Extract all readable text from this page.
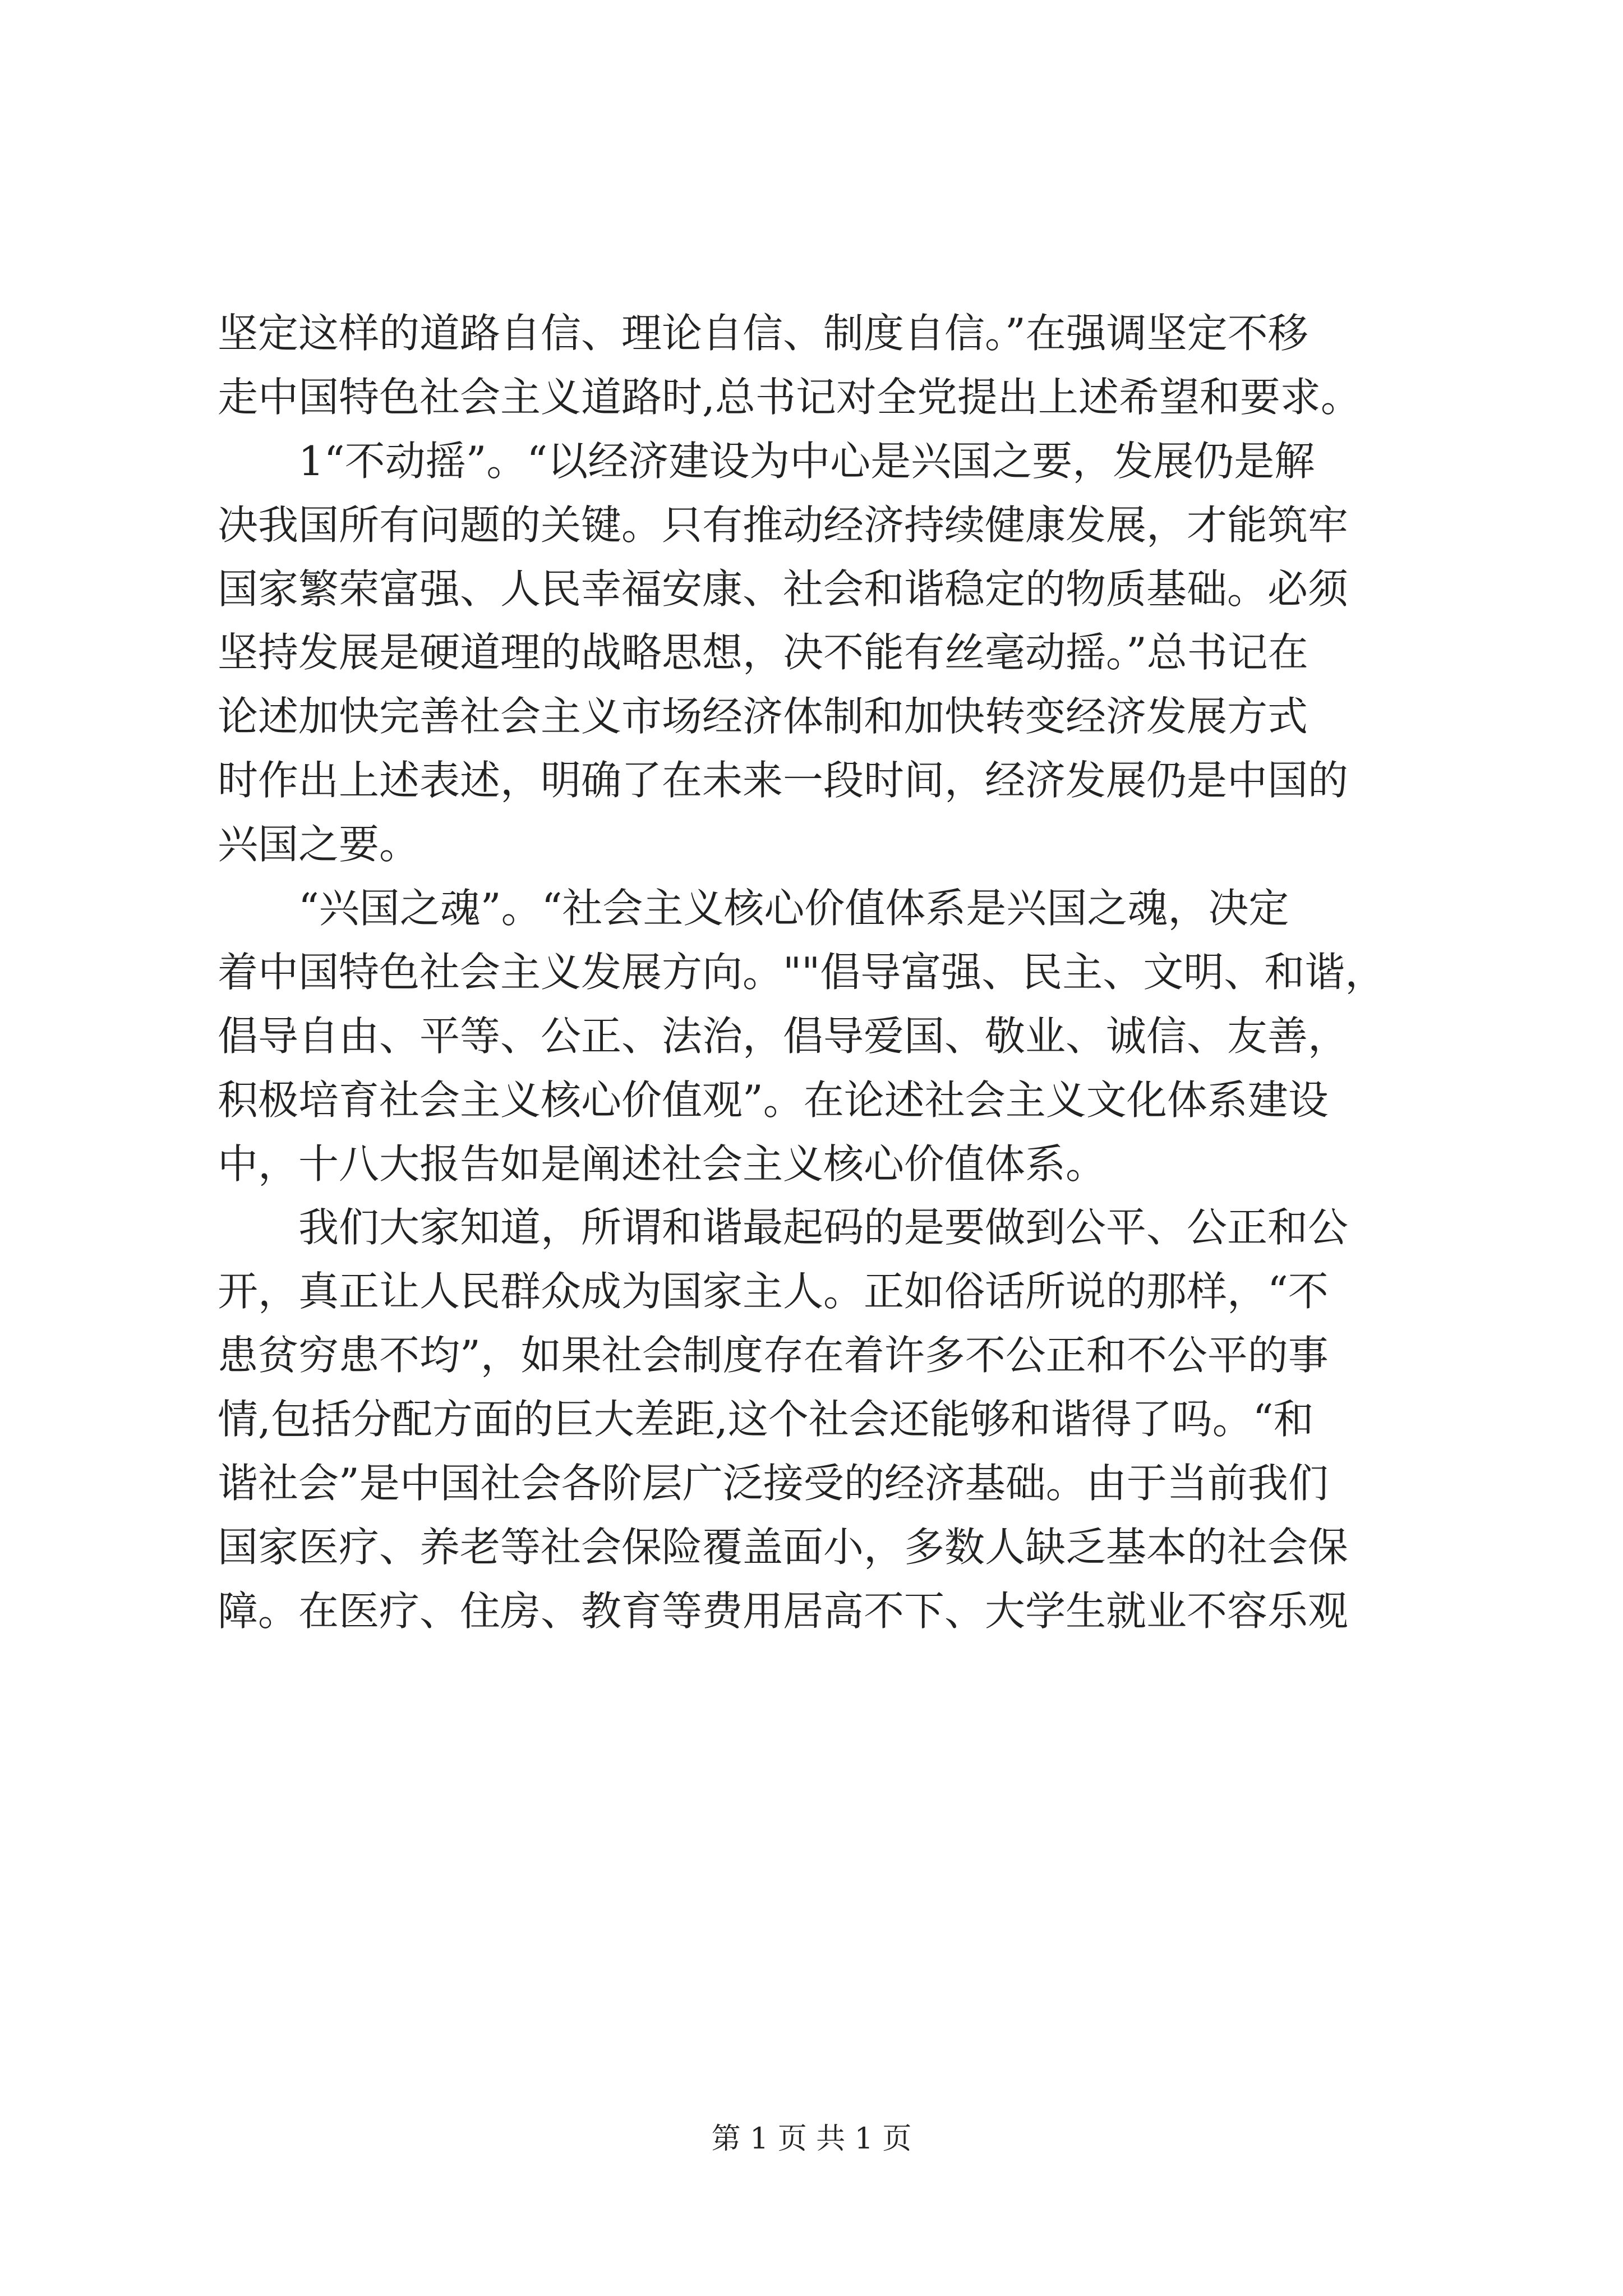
坚定这样的道路自信、理论自信、制度自信。”在强调坚定不移
走中国特色社会主义道路时,总书记对全党提出上述希望和要求。

　　1“不动摇”。“以经济建设为中心是兴国之要，发展仍是解
决我国所有问题的关键。只有推动经济持续健康发展，才能筑牢
国家繁荣富强、人民幸福安康、社会和谐稳定的物质基础。必须
坚持发展是硬道理的战略思想，决不能有丝毫动摇。”总书记在
论述加快完善社会主义市场经济体制和加快转变经济发展方式
时作出上述表述，明确了在未来一段时间，经济发展仍是中国的
兴国之要。

　　“兴国之魂”。“社会主义核心价值体系是兴国之魂，决定
着中国特色社会主义发展方向。""倡导富强、民主、文明、和谐，
倡导自由、平等、公正、法治，倡导爱国、敬业、诚信、友善，
积极培育社会主义核心价值观”。在论述社会主义文化体系建设
中，十八大报告如是阐述社会主义核心价值体系。

　　我们大家知道，所谓和谐最起码的是要做到公平、公正和公
开，真正让人民群众成为国家主人。正如俗话所说的那样，“不
患贫穷患不均”，如果社会制度存在着许多不公正和不公平的事
情,包括分配方面的巨大差距,这个社会还能够和谐得了吗。“和
谐社会”是中国社会各阶层广泛接受的经济基础。由于当前我们
国家医疗、养老等社会保险覆盖面小，多数人缺乏基本的社会保
障。在医疗、住房、教育等费用居高不下、大学生就业不容乐观

第 1 页 共 1 页
